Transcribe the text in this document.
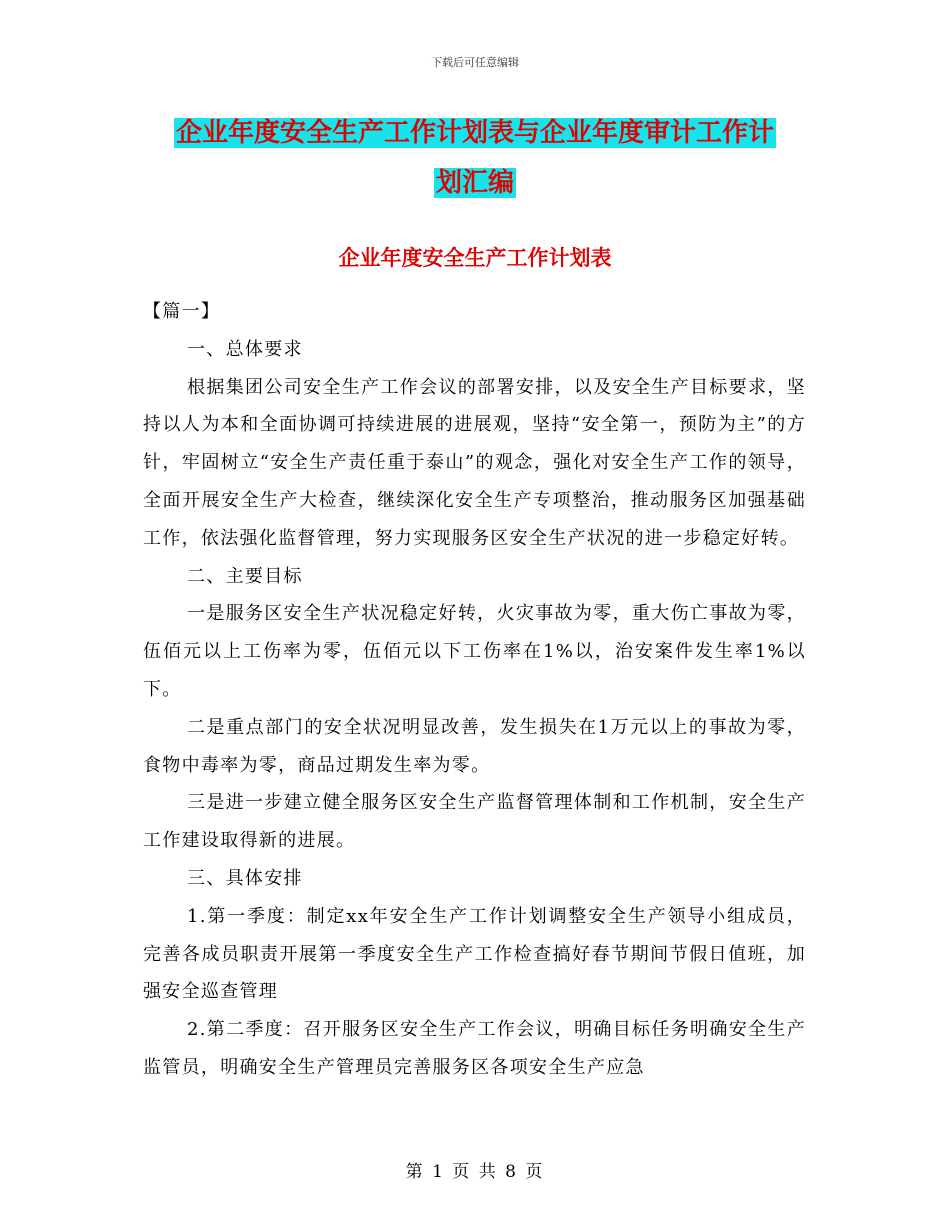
下载后可任意编辑
企业年度安全生产工作计划表与企业年度审计工作计
划汇编
企业年度安全生产工作计划表

【篇一】

一、总体要求

根据集团公司安全生产工作会议的部署安排，以及安全生产目标要求，坚持以人为本和全面协调可持续进展的进展观，坚持“安全第一，预防为主”的方针，牢固树立“安全生产责任重于泰山”的观念，强化对安全生产工作的领导，全面开展安全生产大检查，继续深化安全生产专项整治，推动服务区加强基础工作，依法强化监督管理，努力实现服务区安全生产状况的进一步稳定好转。

二、主要目标

一是服务区安全生产状况稳定好转，火灾事故为零，重大伤亡事故为零，伍佰元以上工伤率为零，伍佰元以下工伤率在1%以，治安案件发生率1%以下。

二是重点部门的安全状况明显改善，发生损失在1万元以上的事故为零，食物中毒率为零，商品过期发生率为零。

三是进一步建立健全服务区安全生产监督管理体制和工作机制，安全生产工作建设取得新的进展。

三、具体安排

1.第一季度：制定xx年安全生产工作计划调整安全生产领导小组成员，完善各成员职责开展第一季度安全生产工作检查搞好春节期间节假日值班，加强安全巡查管理

2.第二季度：召开服务区安全生产工作会议，明确目标任务明确安全生产监管员，明确安全生产管理员完善服务区各项安全生产应急

第 1 页 共 8 页
